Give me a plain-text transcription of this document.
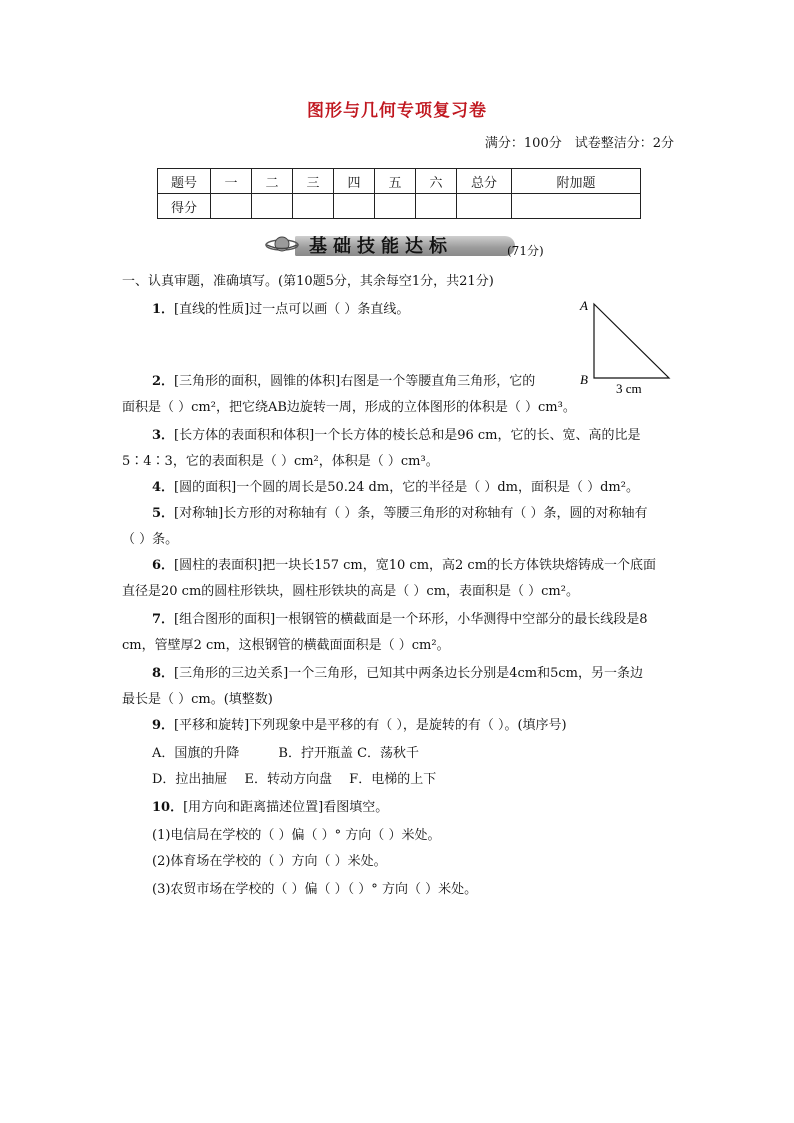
图形与几何专项复习卷
满分：100分　试卷整洁分：2分
题号	一	二	三	四	五	六	总分	附加题
得分								
基础技能达标	(71分)
一、认真审题，准确填写。(第10题5分，其余每空1分，共21分)
1．[直线的性质]过一点可以画（ ）条直线。	A
B
3 cm
2．[三角形的面积，圆锥的体积]右图是一个等腰直角三角形，它的
面积是（ ）cm²，把它绕AB边旋转一周，形成的立体图形的体积是（ ）cm³。
3．[长方体的表面积和体积]一个长方体的棱长总和是96 cm，它的长、宽、高的比是
5∶4∶3，它的表面积是（ ）cm²，体积是（ ）cm³。
4．[圆的面积]一个圆的周长是50.24 dm，它的半径是（ ）dm，面积是（ ）dm²。
5．[对称轴]长方形的对称轴有（ ）条，等腰三角形的对称轴有（ ）条，圆的对称轴有
（ ）条。
6．[圆柱的表面积]把一块长157 cm，宽10 cm，高2 cm的长方体铁块熔铸成一个底面
直径是20 cm的圆柱形铁块，圆柱形铁块的高是（ ）cm，表面积是（ ）cm²。
7．[组合图形的面积]一根钢管的横截面是一个环形，小华测得中空部分的最长线段是8
cm，管壁厚2 cm，这根钢管的横截面面积是（ ）cm²。
8．[三角形的三边关系]一个三角形，已知其中两条边长分别是4cm和5cm，另一条边
最长是（ ）cm。(填整数)
9．[平移和旋转]下列现象中是平移的有（ ），是旋转的有（ ）。(填序号)
A．国旗的升降　　　B．拧开瓶盖 C．荡秋千
D．拉出抽屉　 E．转动方向盘　 F．电梯的上下
10．[用方向和距离描述位置]看图填空。
(1)电信局在学校的（ ）偏（ ）° 方向（ ）米处。
(2)体育场在学校的（ ）方向（ ）米处。
(3)农贸市场在学校的（ ）偏（ ）（ ）° 方向（ ）米处。
